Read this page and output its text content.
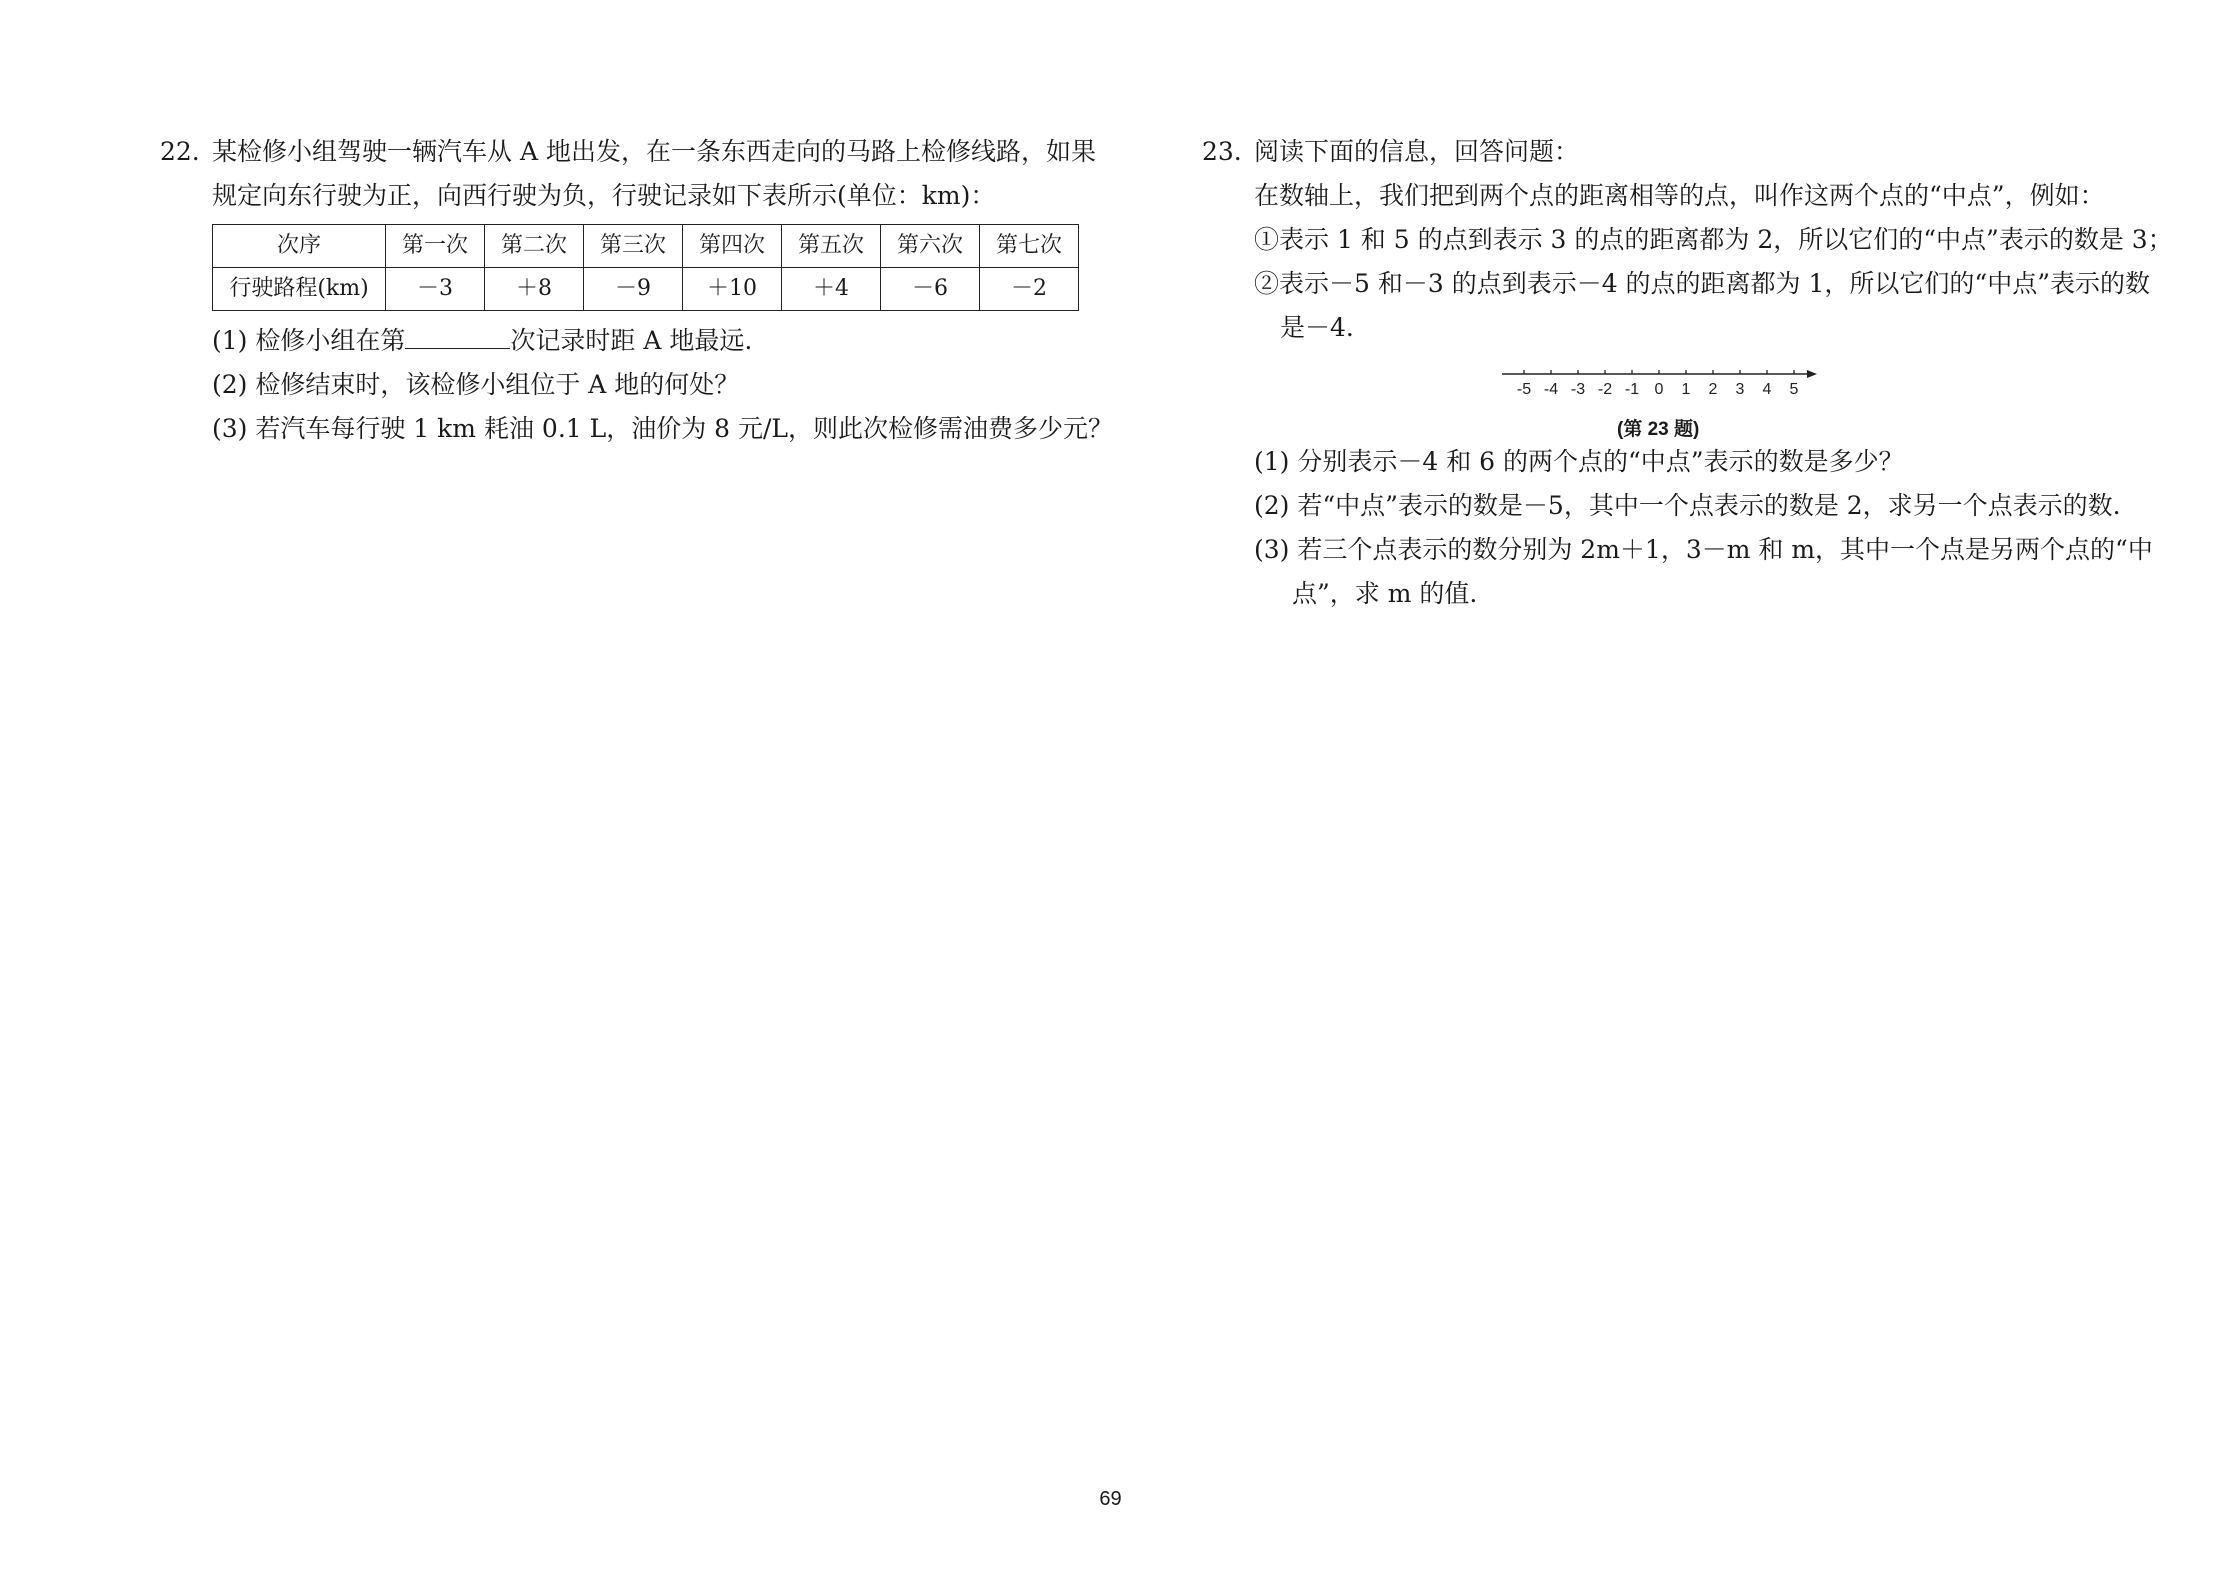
22. 某检修小组驾驶一辆汽车从 A 地出发，在一条东西走向的马路上检修线路，如果
规定向东行驶为正，向西行驶为负，行驶记录如下表所示(单位：km)：
次序	第一次	第二次	第三次	第四次	第五次	第六次	第七次
行驶路程(km)	－3	＋8	－9	＋10	＋4	－6	－2
(1) 检修小组在第	次记录时距 A 地最远.
(2) 检修结束时，该检修小组位于 A 地的何处？
(3) 若汽车每行驶 1 km 耗油 0.1 L，油价为 8 元/L，则此次检修需油费多少元？
23. 阅读下面的信息，回答问题：
在数轴上，我们把到两个点的距离相等的点，叫作这两个点的“中点”，例如：
①表示 1 和 5 的点到表示 3 的点的距离都为 2，所以它们的“中点”表示的数是 3；
②表示－5 和－3 的点到表示－4 的点的距离都为 1，所以它们的“中点”表示的数
是－4.
-5 -4 -3 -2 -1 0 1 2 3 4 5
(第 23 题)
(1) 分别表示－4 和 6 的两个点的“中点”表示的数是多少？
(2) 若“中点”表示的数是－5，其中一个点表示的数是 2，求另一个点表示的数.
(3) 若三个点表示的数分别为 2m＋1，3－m 和 m，其中一个点是另两个点的“中
点”，求 m 的值.
69
